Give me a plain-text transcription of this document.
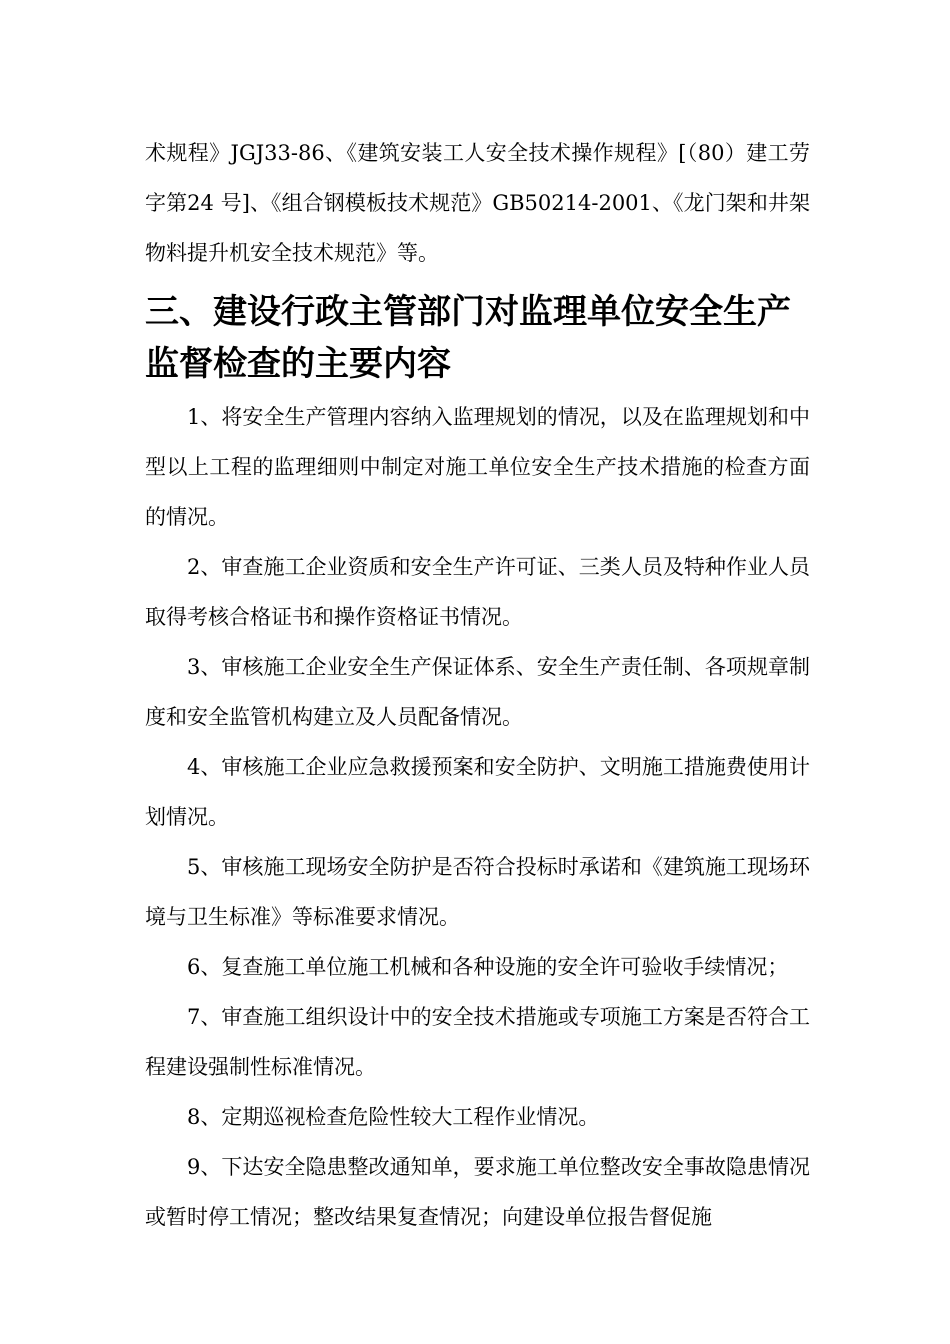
术规程》JGJ33-86、《建筑安装工人安全技术操作规程》[（80）建工劳字第24 号]、《组合钢模板技术规范》GB50214-2001、《龙门架和井架物料提升机安全技术规范》等。

三、建设行政主管部门对监理单位安全生产监督检查的主要内容

1、将安全生产管理内容纳入监理规划的情况，以及在监理规划和中型以上工程的监理细则中制定对施工单位安全生产技术措施的检查方面的情况。

2、审查施工企业资质和安全生产许可证、三类人员及特种作业人员取得考核合格证书和操作资格证书情况。

3、审核施工企业安全生产保证体系、安全生产责任制、各项规章制度和安全监管机构建立及人员配备情况。

4、审核施工企业应急救援预案和安全防护、文明施工措施费使用计划情况。

5、审核施工现场安全防护是否符合投标时承诺和《建筑施工现场环境与卫生标准》等标准要求情况。

6、复查施工单位施工机械和各种设施的安全许可验收手续情况；

7、审查施工组织设计中的安全技术措施或专项施工方案是否符合工程建设强制性标准情况。

8、定期巡视检查危险性较大工程作业情况。

9、下达安全隐患整改通知单，要求施工单位整改安全事故隐患情况或暂时停工情况；整改结果复查情况；向建设单位报告督促施
